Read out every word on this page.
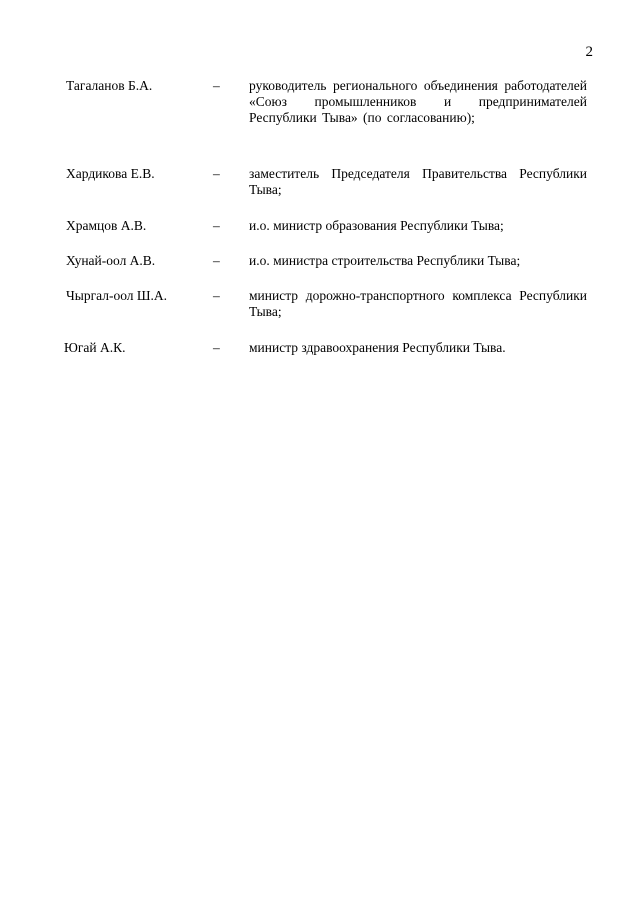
2
Тагаланов Б.А.	– руководитель регионального объединения работодателей «Союз промышленников и предпринимателей Республики Тыва» (по согласованию);
Хардикова Е.В.	– заместитель Председателя Правительства Республики Тыва;
Храмцов А.В.	– и.о. министр образования Республики Тыва;
Хунай-оол А.В.	– и.о. министра строительства Республики Тыва;
Чыргал-оол Ш.А.	– министр дорожно-транспортного комплекса Республики Тыва;
Югай А.К.	– министр здравоохранения Республики Тыва.
